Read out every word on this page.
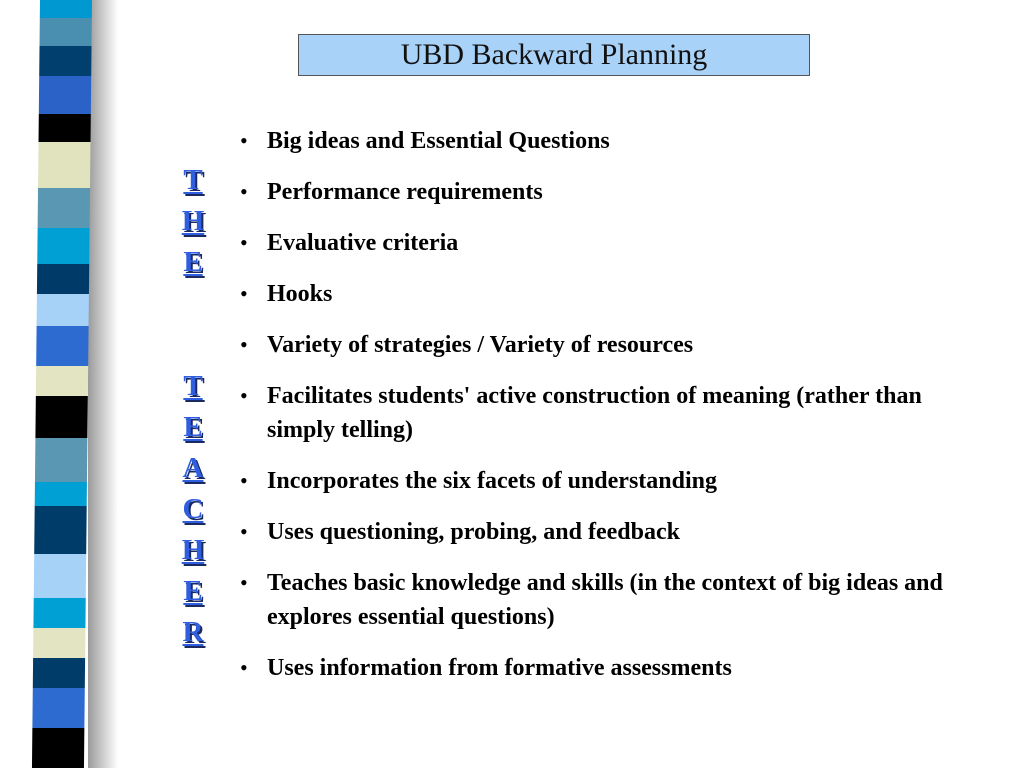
UBD Backward Planning
T
H
E
T
E
A
C
H
E
R
• Big ideas and Essential Questions
• Performance requirements
• Evaluative criteria
• Hooks
• Variety of strategies / Variety of resources
• Facilitates students' active construction of meaning (rather than simply telling)
• Incorporates the six facets of understanding
• Uses questioning, probing, and feedback
• Teaches basic knowledge and skills (in the context of big ideas and explores essential questions)
• Uses information from formative assessments
